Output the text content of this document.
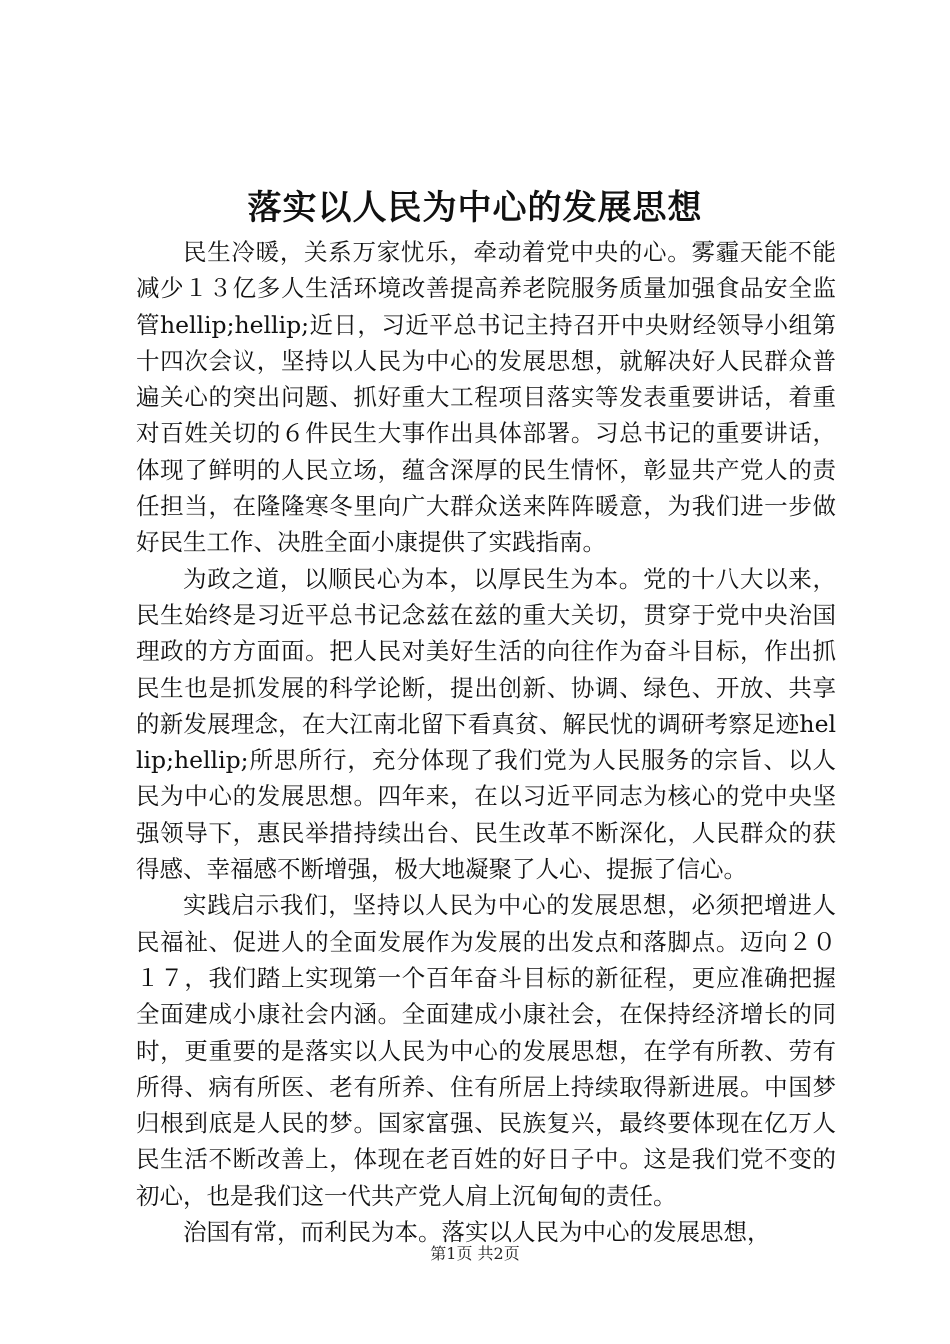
落实以人民为中心的发展思想

民生冷暖，关系万家忧乐，牵动着党中央的心。雾霾天能不能减少１３亿多人生活环境改善提高养老院服务质量加强食品安全监管hellip;hellip;近日，习近平总书记主持召开中央财经领导小组第十四次会议，坚持以人民为中心的发展思想，就解决好人民群众普遍关心的突出问题、抓好重大工程项目落实等发表重要讲话，着重对百姓关切的６件民生大事作出具体部署。习总书记的重要讲话，体现了鲜明的人民立场，蕴含深厚的民生情怀，彰显共产党人的责任担当，在隆隆寒冬里向广大群众送来阵阵暖意，为我们进一步做好民生工作、决胜全面小康提供了实践指南。

为政之道，以顺民心为本，以厚民生为本。党的十八大以来，民生始终是习近平总书记念兹在兹的重大关切，贯穿于党中央治国理政的方方面面。把人民对美好生活的向往作为奋斗目标，作出抓民生也是抓发展的科学论断，提出创新、协调、绿色、开放、共享的新发展理念，在大江南北留下看真贫、解民忧的调研考察足迹hellip;hellip;所思所行，充分体现了我们党为人民服务的宗旨、以人民为中心的发展思想。四年来，在以习近平同志为核心的党中央坚强领导下，惠民举措持续出台、民生改革不断深化，人民群众的获得感、幸福感不断增强，极大地凝聚了人心、提振了信心。

实践启示我们，坚持以人民为中心的发展思想，必须把增进人民福祉、促进人的全面发展作为发展的出发点和落脚点。迈向２０１７，我们踏上实现第一个百年奋斗目标的新征程，更应准确把握全面建成小康社会内涵。全面建成小康社会，在保持经济增长的同时，更重要的是落实以人民为中心的发展思想，在学有所教、劳有所得、病有所医、老有所养、住有所居上持续取得新进展。中国梦归根到底是人民的梦。国家富强、民族复兴，最终要体现在亿万人民生活不断改善上，体现在老百姓的好日子中。这是我们党不变的初心，也是我们这一代共产党人肩上沉甸甸的责任。

治国有常，而利民为本。落实以人民为中心的发展思想，

第1页 共2页
